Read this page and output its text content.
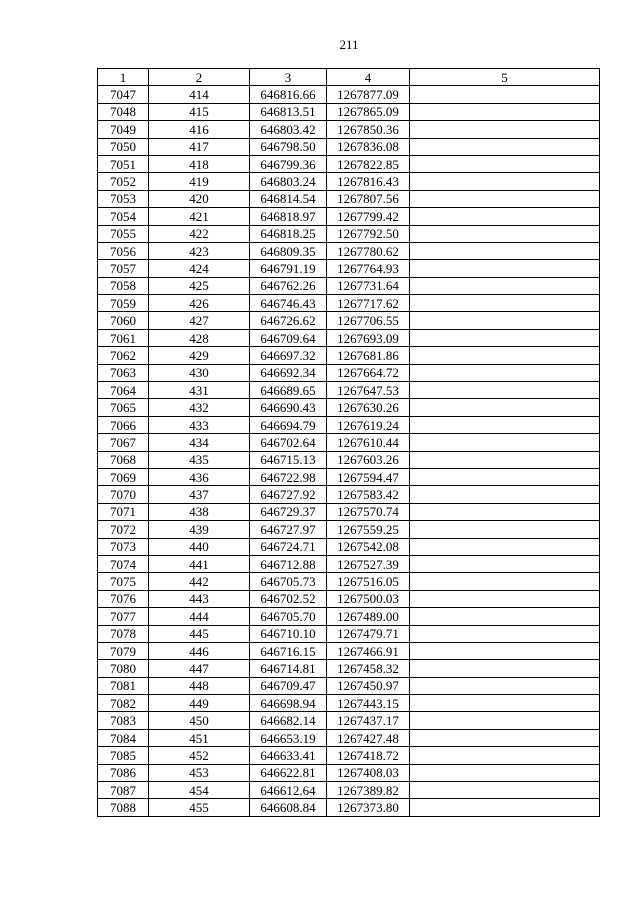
211
1	2	3	4	5
7047	414	646816.66	1267877.09	
7048	415	646813.51	1267865.09	
7049	416	646803.42	1267850.36	
7050	417	646798.50	1267836.08	
7051	418	646799.36	1267822.85	
7052	419	646803.24	1267816.43	
7053	420	646814.54	1267807.56	
7054	421	646818.97	1267799.42	
7055	422	646818.25	1267792.50	
7056	423	646809.35	1267780.62	
7057	424	646791.19	1267764.93	
7058	425	646762.26	1267731.64	
7059	426	646746.43	1267717.62	
7060	427	646726.62	1267706.55	
7061	428	646709.64	1267693.09	
7062	429	646697.32	1267681.86	
7063	430	646692.34	1267664.72	
7064	431	646689.65	1267647.53	
7065	432	646690.43	1267630.26	
7066	433	646694.79	1267619.24	
7067	434	646702.64	1267610.44	
7068	435	646715.13	1267603.26	
7069	436	646722.98	1267594.47	
7070	437	646727.92	1267583.42	
7071	438	646729.37	1267570.74	
7072	439	646727.97	1267559.25	
7073	440	646724.71	1267542.08	
7074	441	646712.88	1267527.39	
7075	442	646705.73	1267516.05	
7076	443	646702.52	1267500.03	
7077	444	646705.70	1267489.00	
7078	445	646710.10	1267479.71	
7079	446	646716.15	1267466.91	
7080	447	646714.81	1267458.32	
7081	448	646709.47	1267450.97	
7082	449	646698.94	1267443.15	
7083	450	646682.14	1267437.17	
7084	451	646653.19	1267427.48	
7085	452	646633.41	1267418.72	
7086	453	646622.81	1267408.03	
7087	454	646612.64	1267389.82	
7088	455	646608.84	1267373.80	
